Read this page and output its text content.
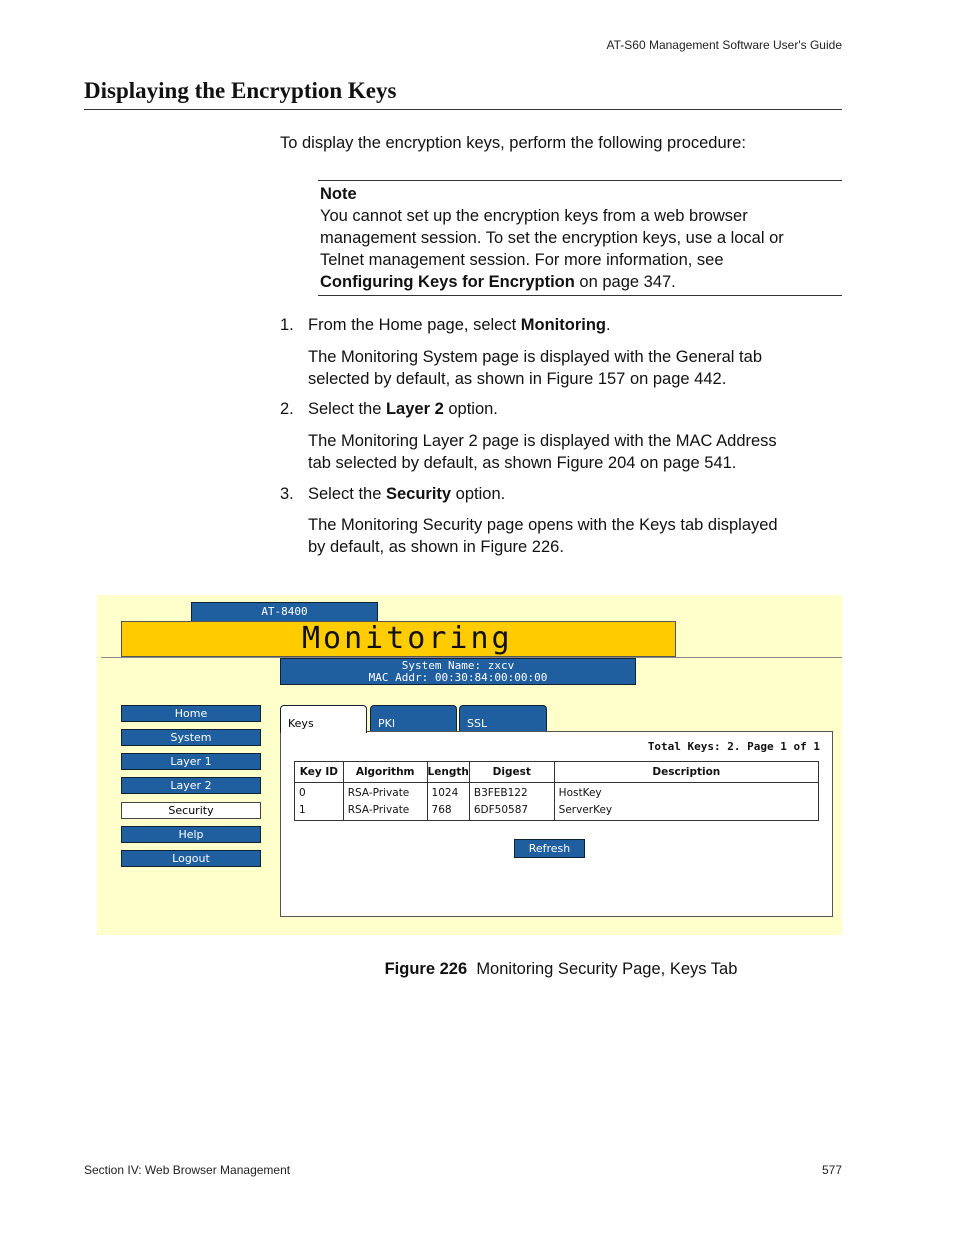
AT-S60 Management Software User's Guide
Displaying the Encryption Keys
To display the encryption keys, perform the following procedure:
Note
You cannot set up the encryption keys from a web browser
management session. To set the encryption keys, use a local or
Telnet management session. For more information, see
Configuring Keys for Encryption on page 347.
1. From the Home page, select Monitoring.
The Monitoring System page is displayed with the General tab
selected by default, as shown in Figure 157 on page 442.
2. Select the Layer 2 option.
The Monitoring Layer 2 page is displayed with the MAC Address
tab selected by default, as shown Figure 204 on page 541.
3. Select the Security option.
The Monitoring Security page opens with the Keys tab displayed
by default, as shown in Figure 226.
AT-8400
Monitoring
System Name: zxcv
MAC Addr: 00:30:84:00:00:00
Home
System
Layer 1
Layer 2
Security
Help
Logout
Keys	PKI	SSL
Total Keys: 2. Page 1 of 1
Key ID	Algorithm	Length	Digest	Description
0	RSA-Private	1024	B3FEB122	HostKey
1	RSA-Private	768	6DF50587	ServerKey
Refresh
Figure 226 Monitoring Security Page, Keys Tab
Section IV: Web Browser Management	577
